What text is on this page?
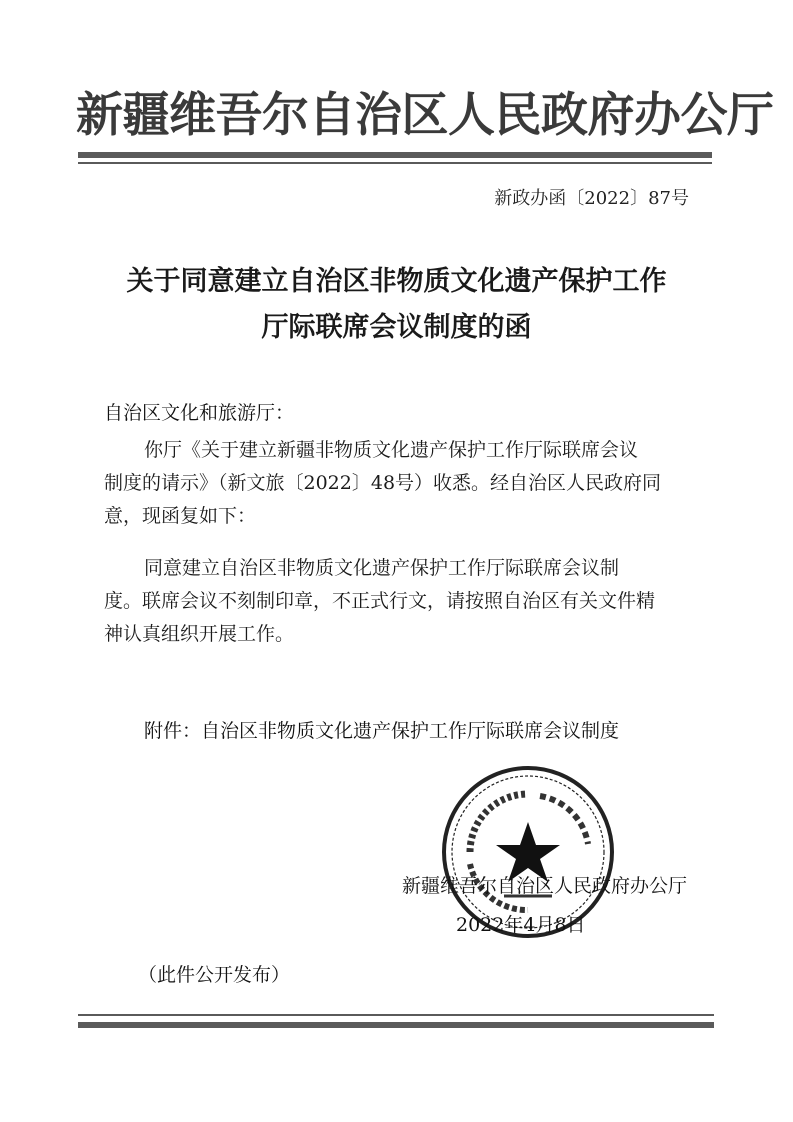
新疆维吾尔自治区人民政府办公厅
新政办函〔2022〕87号
关于同意建立自治区非物质文化遗产保护工作
厅际联席会议制度的函
自治区文化和旅游厅：
你厅《关于建立新疆非物质文化遗产保护工作厅际联席会议
制度的请示》（新文旅〔2022〕48号）收悉。经自治区人民政府同
意，现函复如下：
同意建立自治区非物质文化遗产保护工作厅际联席会议制
度。联席会议不刻制印章，不正式行文，请按照自治区有关文件精
神认真组织开展工作。
附件：自治区非物质文化遗产保护工作厅际联席会议制度
新疆维吾尔自治区人民政府办公厅
2022年4月8日
（此件公开发布）
